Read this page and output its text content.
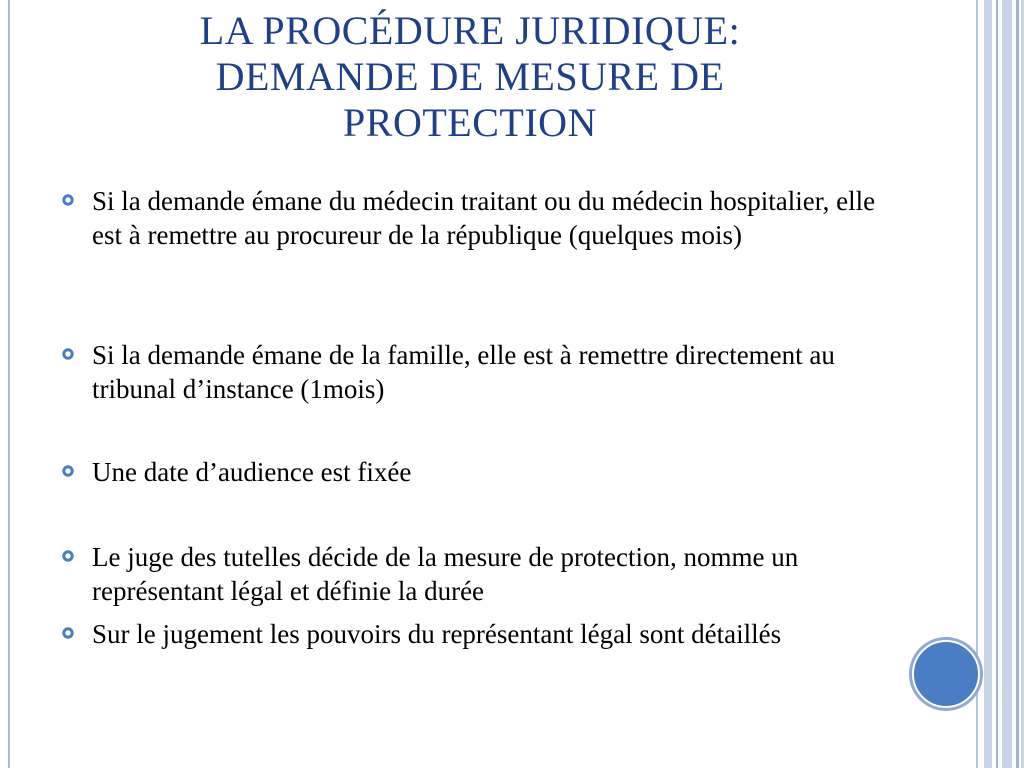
LA PROCÉDURE JURIDIQUE:
DEMANDE DE MESURE DE
PROTECTION
Si la demande émane du médecin traitant ou du médecin hospitalier, elle est à remettre au procureur de la république (quelques mois)
Si la demande émane de la famille, elle est à remettre directement au tribunal d’instance (1mois)
Une date d’audience est fixée
Le juge des tutelles décide de la mesure de protection, nomme un représentant légal et définie la durée
Sur le jugement les pouvoirs du représentant légal sont détaillés
